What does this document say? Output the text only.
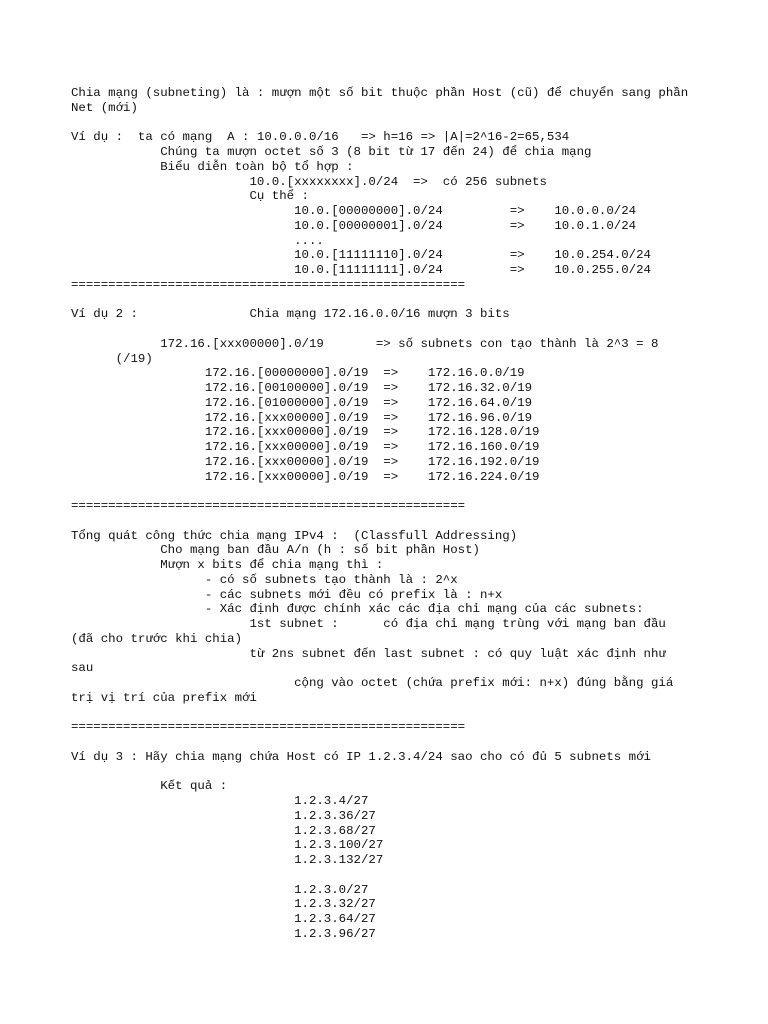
Chia mạng (subneting) là : mượn một số bit thuộc phần Host (cũ) để chuyển sang phần
Net (mới)
Ví dụ :  ta có mạng  A : 10.0.0.0/16   => h=16 => |A|=2^16-2=65,534
Chúng ta mượn octet số 3 (8 bit từ 17 đến 24) để chia mạng
Biểu diễn toàn bộ tổ hợp :
10.0.[xxxxxxxx].0/24  =>  có 256 subnets
Cụ thể :
10.0.[00000000].0/24         =>    10.0.0.0/24
10.0.[00000001].0/24         =>    10.0.1.0/24
....
10.0.[11111110].0/24         =>    10.0.254.0/24
10.0.[11111111].0/24         =>    10.0.255.0/24
=====================================================
Ví dụ 2 :               Chia mạng 172.16.0.0/16 mượn 3 bits
172.16.[xxx00000].0/19       => số subnets con tạo thành là 2^3 = 8
(/19)
172.16.[00000000].0/19  =>    172.16.0.0/19
172.16.[00100000].0/19  =>    172.16.32.0/19
172.16.[01000000].0/19  =>    172.16.64.0/19
172.16.[xxx00000].0/19  =>    172.16.96.0/19
172.16.[xxx00000].0/19  =>    172.16.128.0/19
172.16.[xxx00000].0/19  =>    172.16.160.0/19
172.16.[xxx00000].0/19  =>    172.16.192.0/19
172.16.[xxx00000].0/19  =>    172.16.224.0/19
=====================================================
Tổng quát công thức chia mạng IPv4 :  (Classfull Addressing)
Cho mạng ban đầu A/n (h : số bit phần Host)
Mượn x bits để chia mạng thì :
- có số subnets tạo thành là : 2^x
- các subnets mới đều có prefix là : n+x
- Xác định được chính xác các địa chỉ mạng của các subnets:
1st subnet :      có địa chỉ mạng trùng với mạng ban đầu
(đã cho trước khi chia)
từ 2ns subnet đến last subnet : có quy luật xác định như
sau
cộng vào octet (chứa prefix mới: n+x) đúng bằng giá
trị vị trí của prefix mới
=====================================================
Ví dụ 3 : Hãy chia mạng chứa Host có IP 1.2.3.4/24 sao cho có đủ 5 subnets mới
Kết quả :
1.2.3.4/27
1.2.3.36/27
1.2.3.68/27
1.2.3.100/27
1.2.3.132/27
1.2.3.0/27
1.2.3.32/27
1.2.3.64/27
1.2.3.96/27
